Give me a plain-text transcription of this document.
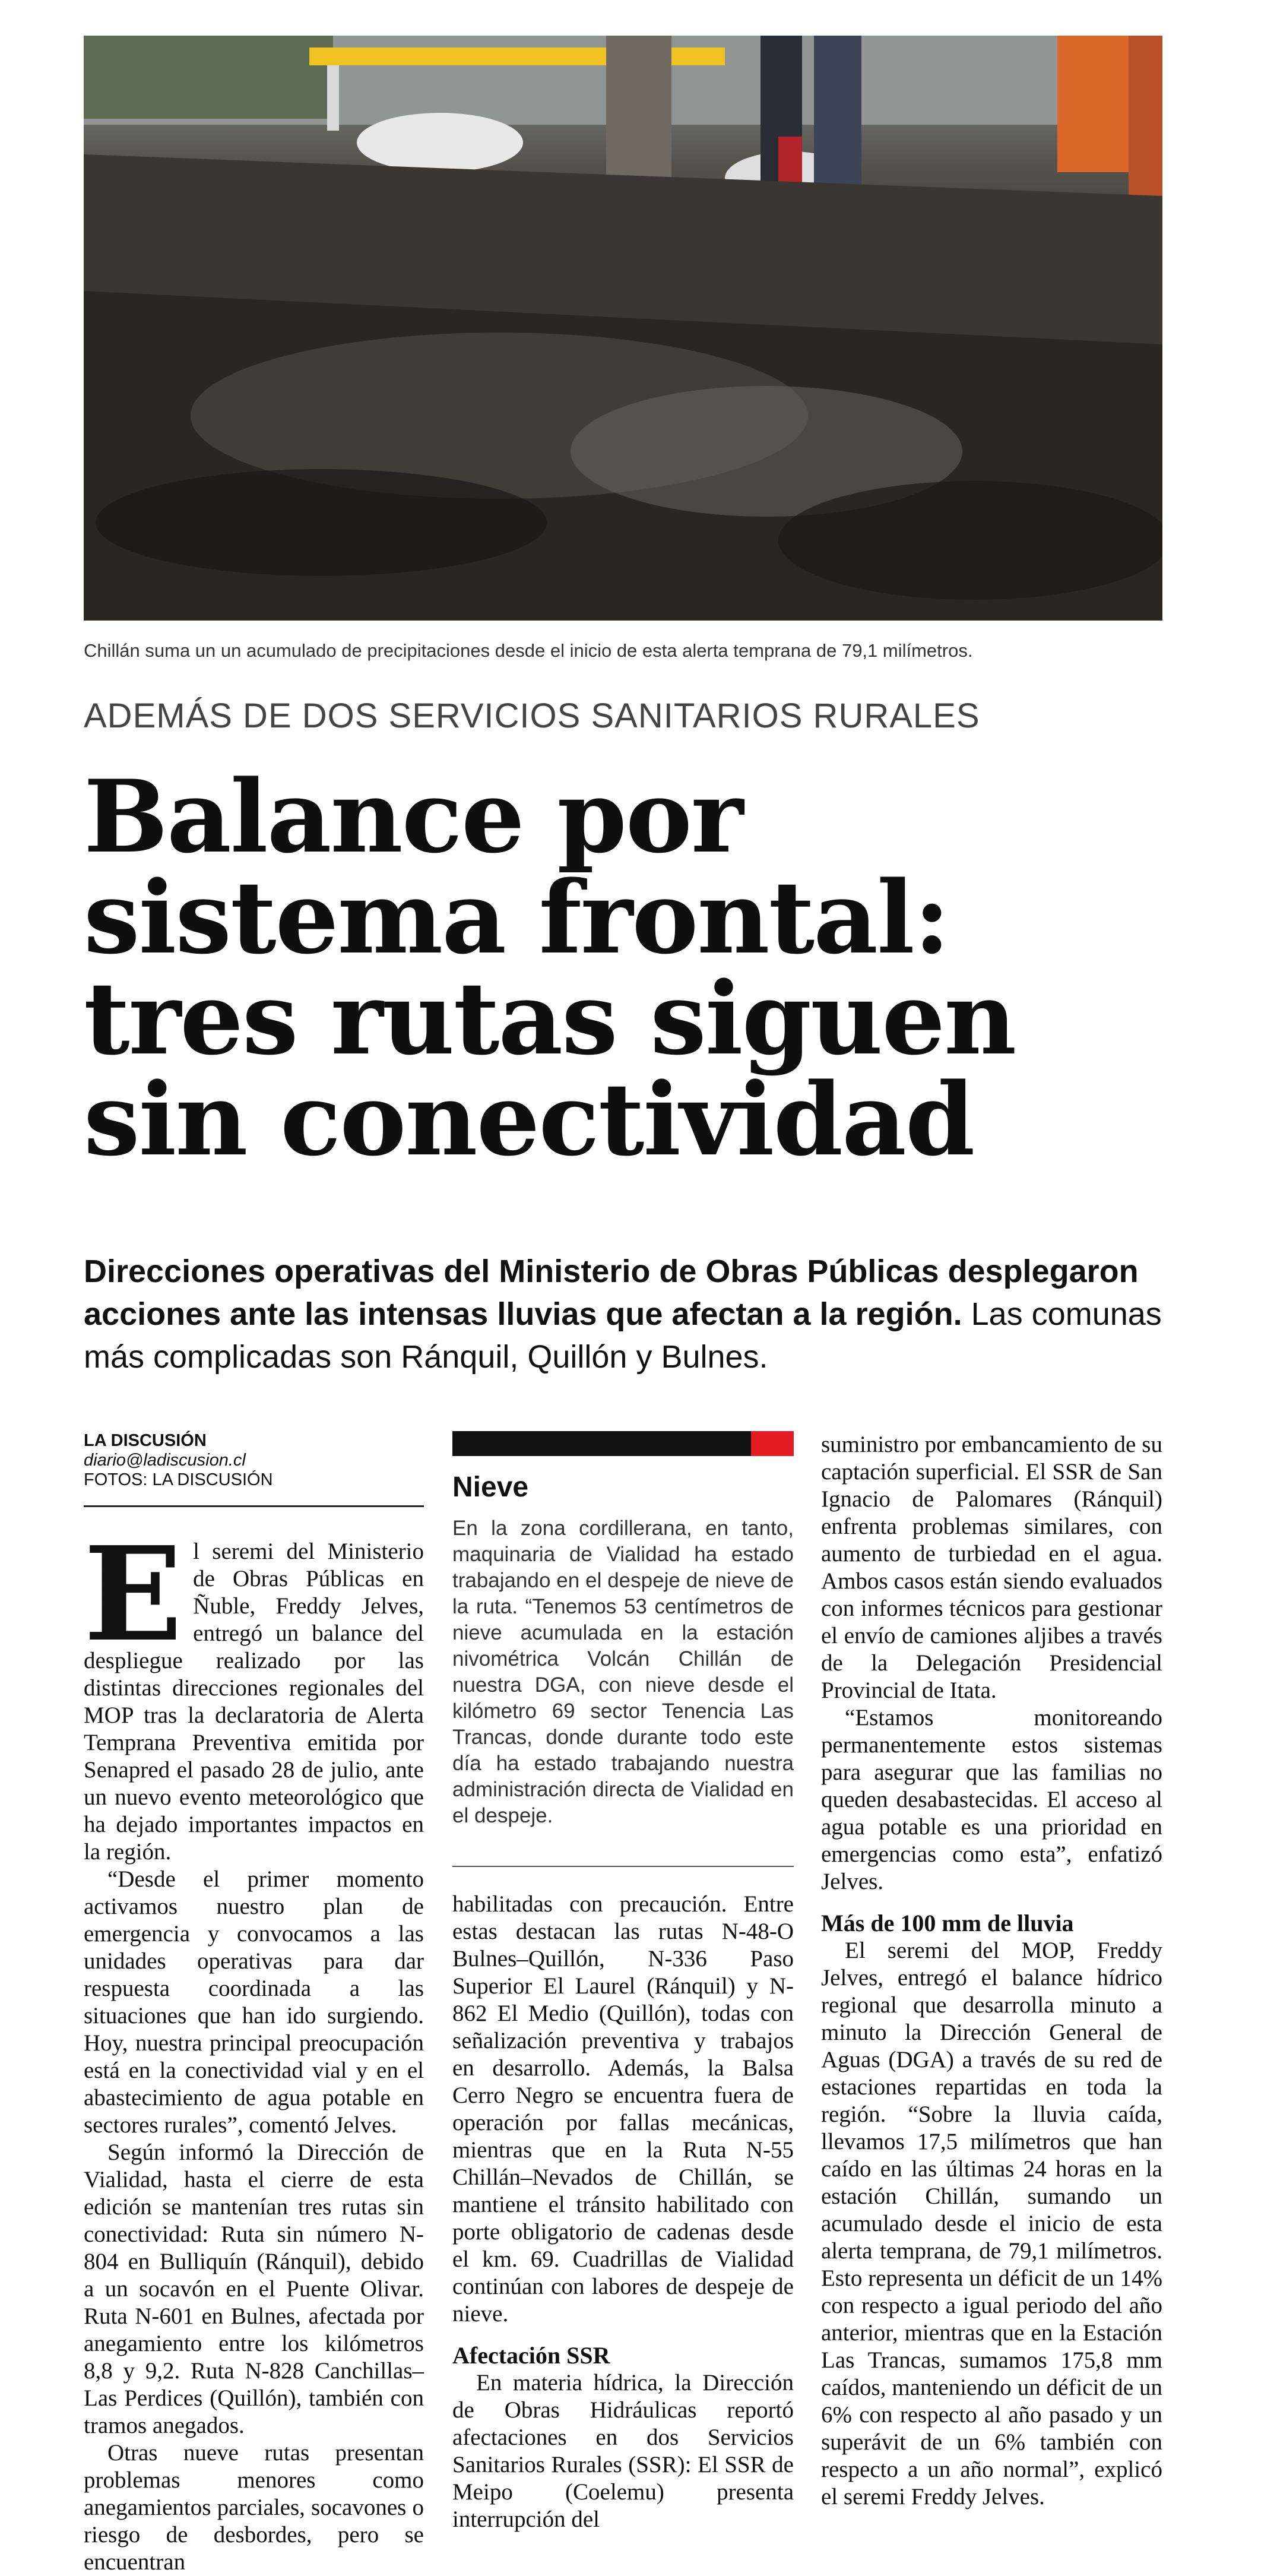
Chillán suma un un acumulado de precipitaciones desde el inicio de esta alerta temprana de 79,1 milímetros.
ADEMÁS DE DOS SERVICIOS SANITARIOS RURALES
Balance por
sistema frontal:
tres rutas siguen
sin conectividad
Direcciones operativas del Ministerio de Obras Públicas desplegaron acciones ante las intensas lluvias que afectan a la región. Las comunas más complicadas son Ránquil, Quillón y Bulnes.
LA DISCUSIÓN
diario@ladiscusion.cl
FOTOS: LA DISCUSIÓN

El seremi del Ministerio de Obras Públicas en Ñuble, Freddy Jelves, entregó un balance del despliegue realizado por las distintas direcciones regionales del MOP tras la declaratoria de Alerta Temprana Preventiva emitida por Senapred el pasado 28 de julio, ante un nuevo evento meteorológico que ha dejado importantes impactos en la región.

“Desde el primer momento activamos nuestro plan de emergencia y convocamos a las unidades operativas para dar respuesta coordinada a las situaciones que han ido surgiendo. Hoy, nuestra principal preocupación está en la conectividad vial y en el abastecimiento de agua potable en sectores rurales”, comentó Jelves.

Según informó la Dirección de Vialidad, hasta el cierre de esta edición se mantenían tres rutas sin conectividad: Ruta sin número N-804 en Bulliquín (Ránquil), debido a un socavón en el Puente Olivar. Ruta N-601 en Bulnes, afectada por anegamiento entre los kilómetros 8,8 y 9,2. Ruta N-828 Canchillas–Las Perdices (Quillón), también con tramos anegados.

Otras nueve rutas presentan problemas menores como anegamientos parciales, socavones o riesgo de desbordes, pero se encuentran

Nieve
En la zona cordillerana, en tanto, maquinaria de Vialidad ha estado trabajando en el despeje de nieve de la ruta. “Tenemos 53 centímetros de nieve acumulada en la estación nivométrica Volcán Chillán de nuestra DGA, con nieve desde el kilómetro 69 sector Tenencia Las Trancas, donde durante todo este día ha estado trabajando nuestra administración directa de Vialidad en el despeje.

habilitadas con precaución. Entre estas destacan las rutas N-48-O Bulnes–Quillón, N-336 Paso Superior El Laurel (Ránquil) y N-862 El Medio (Quillón), todas con señalización preventiva y trabajos en desarrollo. Además, la Balsa Cerro Negro se encuentra fuera de operación por fallas mecánicas, mientras que en la Ruta N-55 Chillán–Nevados de Chillán, se mantiene el tránsito habilitado con porte obligatorio de cadenas desde el km. 69. Cuadrillas de Vialidad continúan con labores de despeje de nieve.

Afectación SSR

En materia hídrica, la Dirección de Obras Hidráulicas reportó afectaciones en dos Servicios Sanitarios Rurales (SSR): El SSR de Meipo (Coelemu) presenta interrupción del

suministro por embancamiento de su captación superficial. El SSR de San Ignacio de Palomares (Ránquil) enfrenta problemas similares, con aumento de turbiedad en el agua. Ambos casos están siendo evaluados con informes técnicos para gestionar el envío de camiones aljibes a través de la Delegación Presidencial Provincial de Itata.

“Estamos monitoreando permanentemente estos sistemas para asegurar que las familias no queden desabastecidas. El acceso al agua potable es una prioridad en emergencias como esta”, enfatizó Jelves.

Más de 100 mm de lluvia

El seremi del MOP, Freddy Jelves, entregó el balance hídrico regional que desarrolla minuto a minuto la Dirección General de Aguas (DGA) a través de su red de estaciones repartidas en toda la región. “Sobre la lluvia caída, llevamos 17,5 milímetros que han caído en las últimas 24 horas en la estación Chillán, sumando un acumulado desde el inicio de esta alerta temprana, de 79,1 milímetros. Esto representa un déficit de un 14% con respecto a igual periodo del año anterior, mientras que en la Estación Las Trancas, sumamos 175,8 mm caídos, manteniendo un déficit de un 6% con respecto al año pasado y un superávit de un 6% también con respecto a un año normal”, explicó el seremi Freddy Jelves.
